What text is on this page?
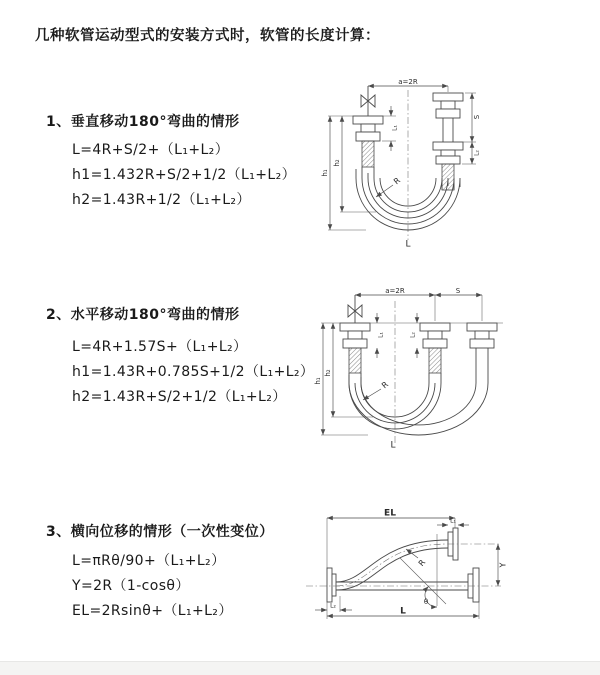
几种软管运动型式的安装方式时，软管的长度计算：
1、垂直移动180°弯曲的情形
L=4R+S/2+（L₁+L₂）
h1=1.432R+S/2+1/2（L₁+L₂）
h2=1.43R+1/2（L₁+L₂）
2、水平移动180°弯曲的情形
L=4R+1.57S+（L₁+L₂）
h1=1.43R+0.785S+1/2（L₁+L₂）
h2=1.43R+S/2+1/2（L₁+L₂）
3、横向位移的情形（一次性变位）
L=πRθ/90+（L₁+L₂）
Y=2R（1-cosθ）
EL=2Rsinθ+（L₁+L₂）
a=2R
L₁
S
L₂
h₁
h₂
R
L
a=2R	S
L₁	L₂
h₁
h₂
R
L
EL
L₁
Y
R
θ
L₂
L
